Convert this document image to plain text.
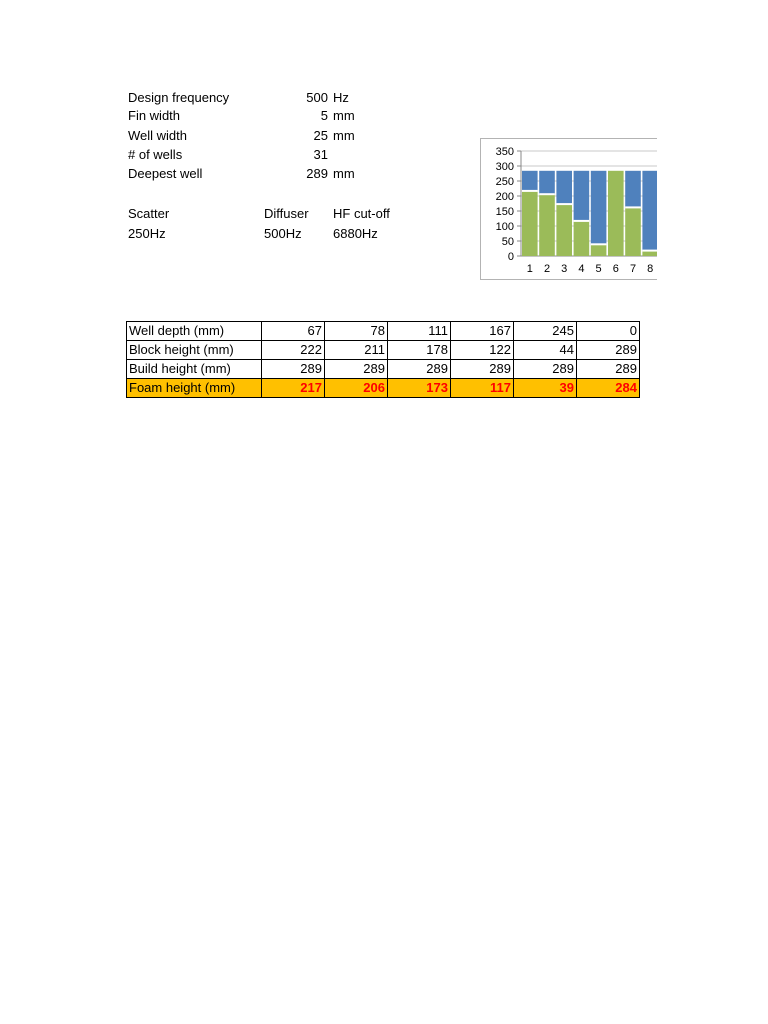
Design frequency	500 Hz
Fin width	5 mm
Well width	25 mm
# of wells	31
Deepest well	289 mm
Scatter	Diffuser HF cut-off
250Hz	500Hz 6880Hz
350
300
250
200
150
100
50
0
1 2 3 4 5 6 7 8
Well depth (mm)	67	78	111	167	245	0
Block height (mm)	222	211	178	122	44	289
Build height (mm)	289	289	289	289	289	289
Foam height (mm)	217	206	173	117	39	284
